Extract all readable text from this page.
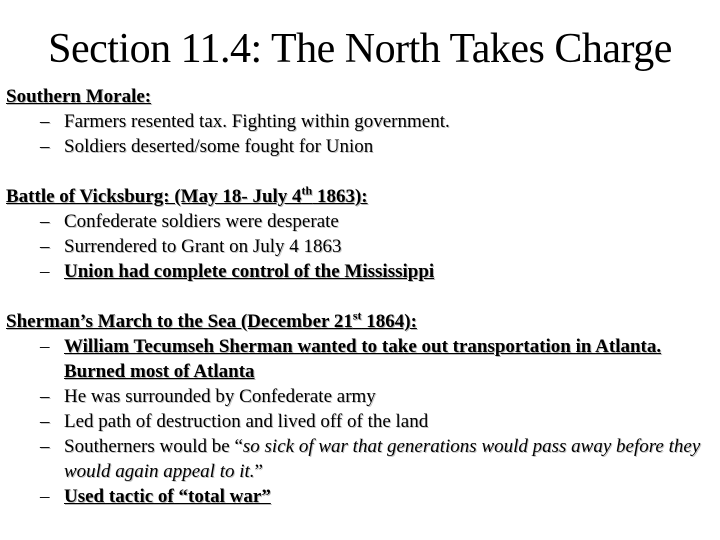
Section 11.4: The North Takes Charge
Southern Morale:
– Farmers resented tax. Fighting within government.
– Soldiers deserted/some fought for Union
Battle of Vicksburg: (May 18- July 4th 1863):
– Confederate soldiers were desperate
– Surrendered to Grant on July 4 1863
– Union had complete control of the Mississippi
Sherman’s March to the Sea (December 21st 1864):
– William Tecumseh Sherman wanted to take out transportation in Atlanta. Burned most of Atlanta
– He was surrounded by Confederate army
– Led path of destruction and lived off of the land
– Southerners would be “so sick of war that generations would pass away before they would again appeal to it.”
– Used tactic of “total war”
